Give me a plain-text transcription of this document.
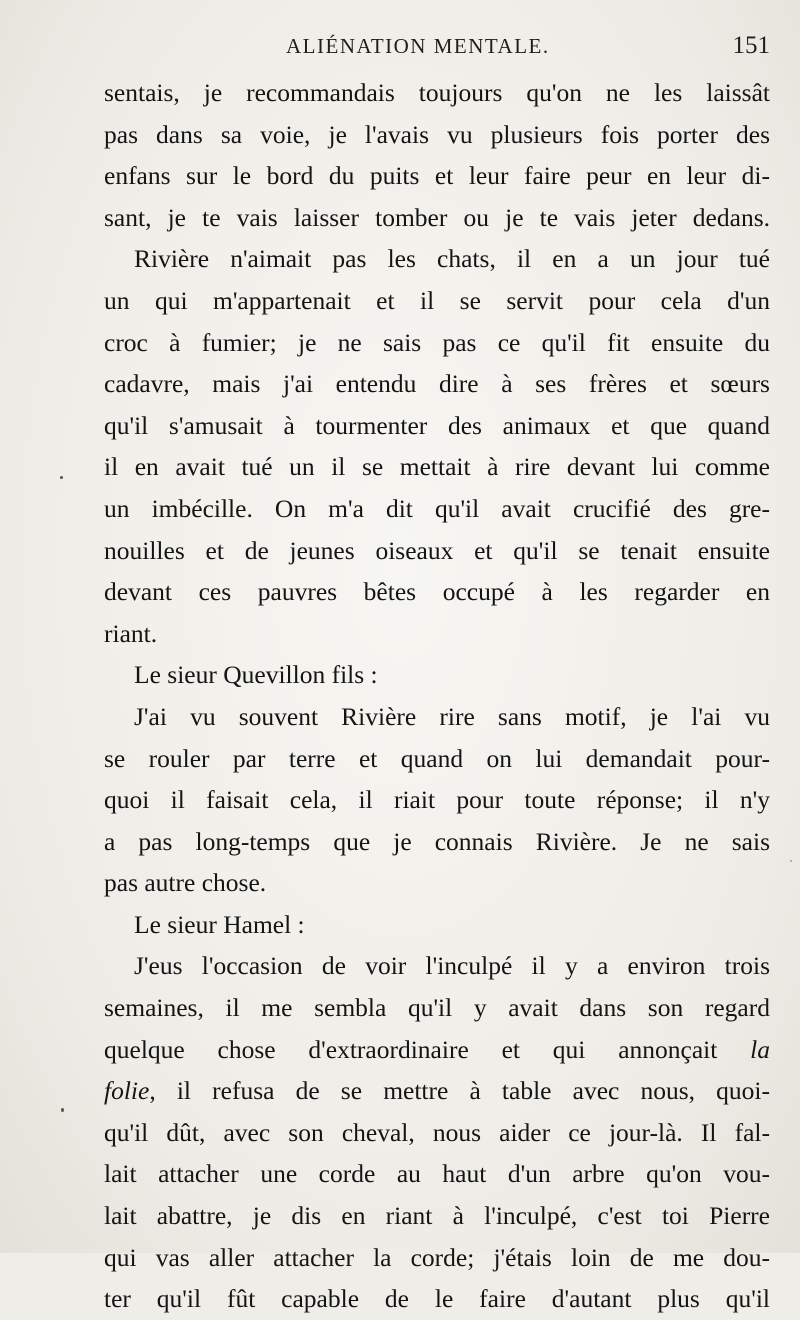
ALIÉNATION MENTALE.	151
sentais, je recommandais toujours qu'on ne les laissât
pas dans sa voie, je l'avais vu plusieurs fois porter des
enfans sur le bord du puits et leur faire peur en leur di-
sant, je te vais laisser tomber ou je te vais jeter dedans.
Rivière n'aimait pas les chats, il en a un jour tué
un qui m'appartenait et il se servit pour cela d'un
croc à fumier; je ne sais pas ce qu'il fit ensuite du
cadavre, mais j'ai entendu dire à ses frères et sœurs
qu'il s'amusait à tourmenter des animaux et que quand
il en avait tué un il se mettait à rire devant lui comme
un imbécille. On m'a dit qu'il avait crucifié des gre-
nouilles et de jeunes oiseaux et qu'il se tenait ensuite
devant ces pauvres bêtes occupé à les regarder en
riant.
Le sieur Quevillon fils :
J'ai vu souvent Rivière rire sans motif, je l'ai vu
se rouler par terre et quand on lui demandait pour-
quoi il faisait cela, il riait pour toute réponse; il n'y
a pas long-temps que je connais Rivière. Je ne sais
pas autre chose.
Le sieur Hamel :
J'eus l'occasion de voir l'inculpé il y a environ trois
semaines, il me sembla qu'il y avait dans son regard
quelque chose d'extraordinaire et qui annonçait la
folie, il refusa de se mettre à table avec nous, quoi-
qu'il dût, avec son cheval, nous aider ce jour-là. Il fal-
lait attacher une corde au haut d'un arbre qu'on vou-
lait abattre, je dis en riant à l'inculpé, c'est toi Pierre
qui vas aller attacher la corde; j'étais loin de me dou-
ter qu'il fût capable de le faire d'autant plus qu'il
